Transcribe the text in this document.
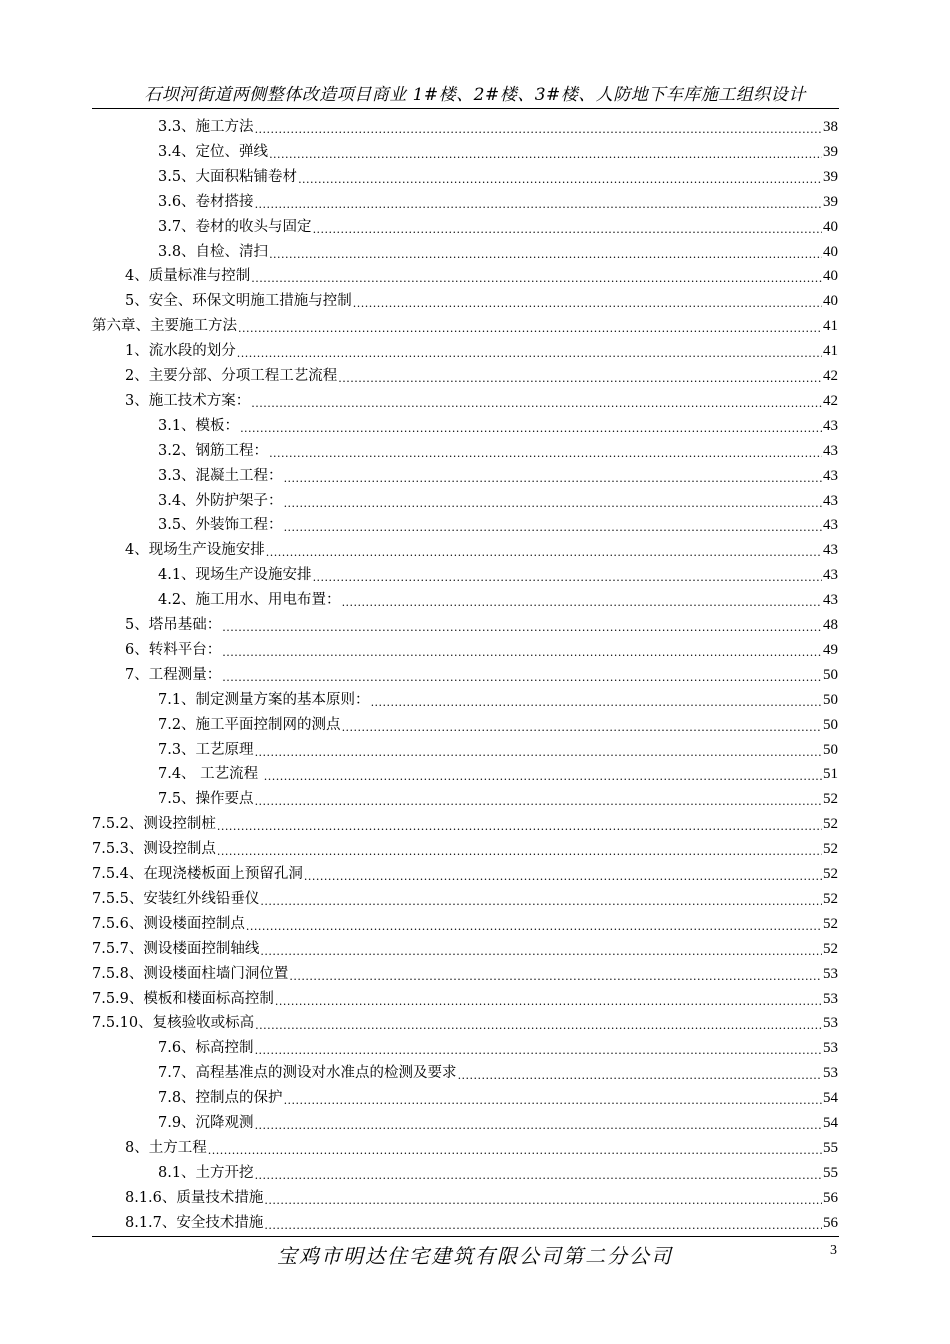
石坝河街道两侧整体改造项目商业 1#楼、2#楼、3#楼、人防地下车库施工组织设计
3.3、施工方法 .....	38
3.4、定位、弹线 .....	39
3.5、大面积粘铺卷材 .....	39
3.6、卷材搭接 .....	39
3.7、卷材的收头与固定 .....	40
3.8、自检、清扫 .....	40
4、质量标准与控制 .....	40
5、安全、环保文明施工措施与控制 .....	40
第六章、主要施工方法 .....	41
1、流水段的划分 .....	41
2、主要分部、分项工程工艺流程 .....	42
3、施工技术方案： .....	42
3.1、模板： .....	43
3.2、钢筋工程： .....	43
3.3、混凝土工程： .....	43
3.4、外防护架子： .....	43
3.5、外装饰工程： .....	43
4、现场生产设施安排 .....	43
4.1、现场生产设施安排 .....	43
4.2、施工用水、用电布置： .....	43
5、塔吊基础： .....	48
6、转料平台： .....	49
7、工程测量： .....	50
7.1、制定测量方案的基本原则： .....	50
7.2、施工平面控制网的测点 .....	50
7.3、工艺原理 .....	50
7.4、 工艺流程 .....	51
7.5、操作要点 .....	52
7.5.2、测设控制桩 .....	52
7.5.3、测设控制点 .....	52
7.5.4、在现浇楼板面上预留孔洞 .....	52
7.5.5、安装红外线铅垂仪 .....	52
7.5.6、测设楼面控制点 .....	52
7.5.7、测设楼面控制轴线 .....	52
7.5.8、测设楼面柱墙门洞位置 .....	53
7.5.9、模板和楼面标高控制 .....	53
7.5.10、复核验收或标高 .....	53
7.6、标高控制 .....	53
7.7、高程基准点的测设对水准点的检测及要求 .....	53
7.8、控制点的保护 .....	54
7.9、沉降观测 .....	54
8、土方工程 .....	55
8.1、土方开挖 .....	55
8.1.6、质量技术措施 .....	56
8.1.7、安全技术措施 .....	56
宝鸡市明达住宅建筑有限公司第二分公司	3
